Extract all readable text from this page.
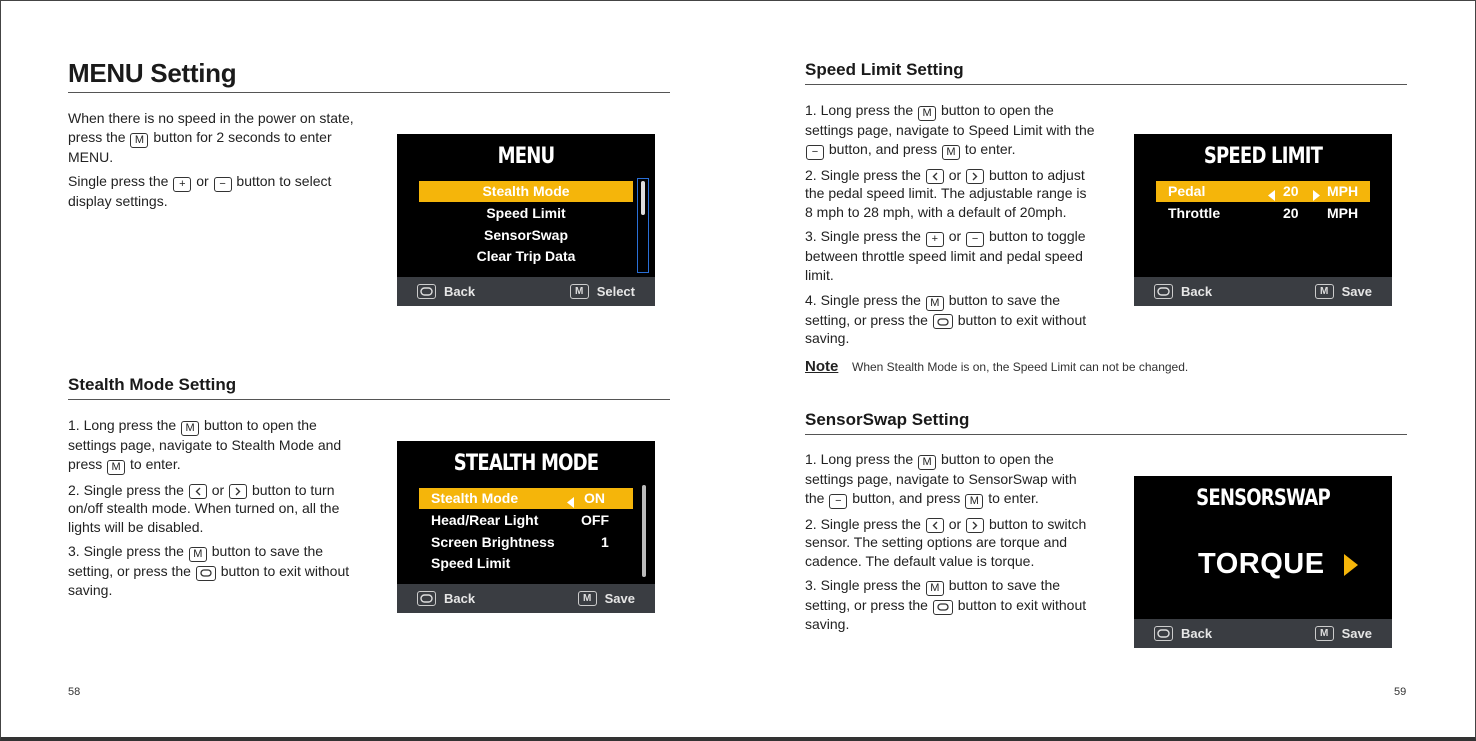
MENU Setting

When there is no speed in the power on state, press the M button for 2 seconds to enter MENU.

Single press the + or − button to select display settings.

MENU
Stealth Mode
Speed Limit
SensorSwap
Clear Trip Data
Back	M	Select
Stealth Mode Setting

1. Long press the M button to open the settings page, navigate to Stealth Mode and press M to enter.

2. Single press the or button to turn on/off stealth mode. When turned on, all the lights will be disabled.

3. Single press the M button to save the setting, or press the button to exit without saving.

STEALTH MODE
Stealth Mode	ON
Head/Rear Light	OFF
Screen Brightness	1
Speed Limit
Back	M	Save
58
Speed Limit Setting

1. Long press the M button to open the settings page, navigate to Speed Limit with the − button, and press M to enter.

2. Single press the or button to adjust the pedal speed limit. The adjustable range is 8 mph to 28 mph, with a default of 20mph.

3. Single press the + or − button to toggle between throttle speed limit and pedal speed limit.

4. Single press the M button to save the setting, or press the button to exit without saving.

SPEED LIMIT
Pedal	20 MPH
Throttle	20 MPH
Back	M	Save
Note When Stealth Mode is on, the Speed Limit can not be changed.
SensorSwap Setting

1. Long press the M button to open the settings page, navigate to SensorSwap with the − button, and press M to enter.

2. Single press the or button to switch sensor. The setting options are torque and cadence. The default value is torque.

3. Single press the M button to save the setting, or press the button to exit without saving.

SENSORSWAP
TORQUE
Back	M	Save
59
